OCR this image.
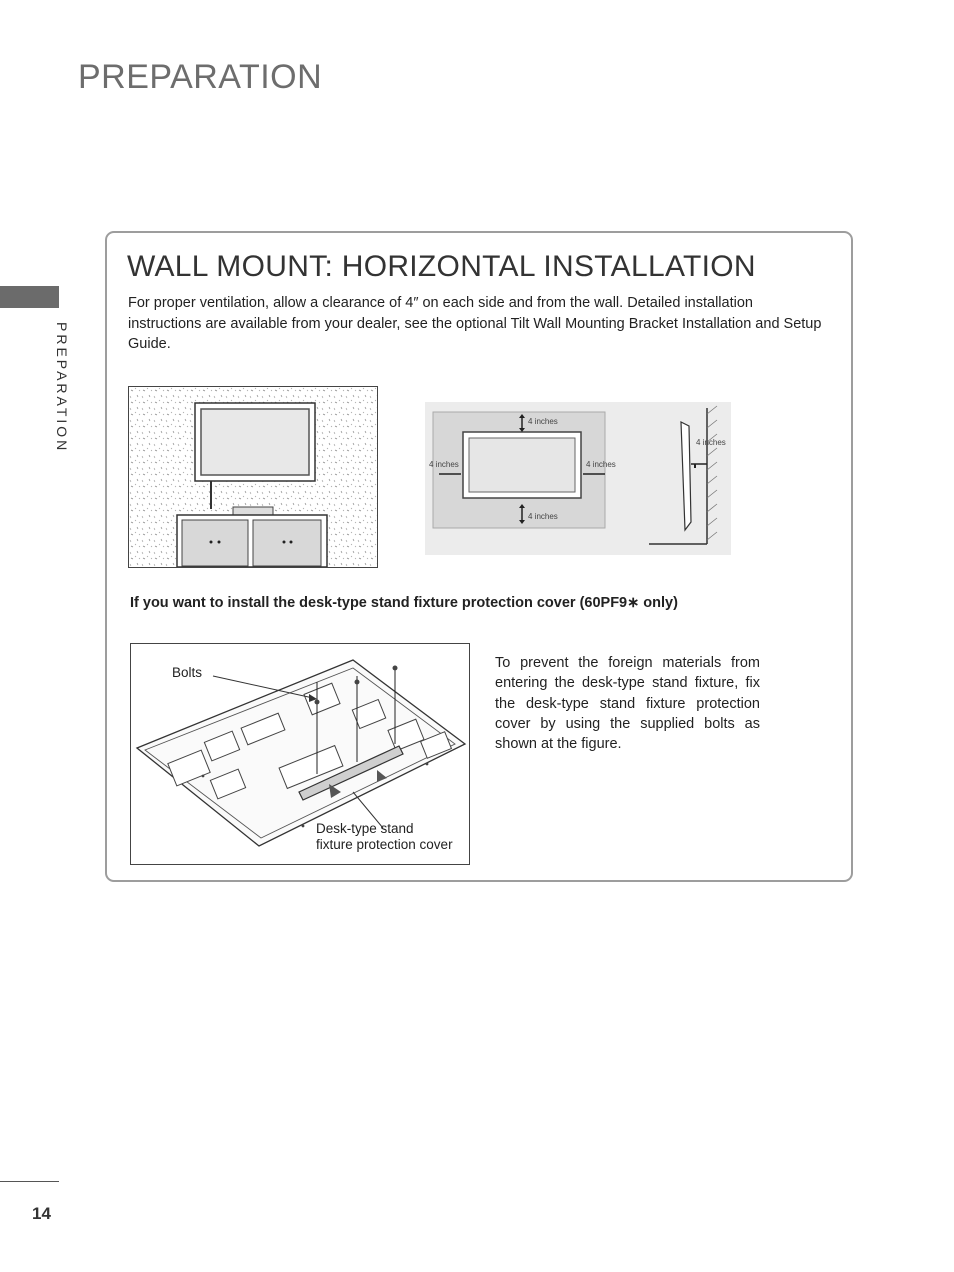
PREPARATION
PREPARATION
WALL MOUNT: HORIZONTAL INSTALLATION
For proper ventilation, allow a clearance of 4″ on each side and from the wall. Detailed installation instructions are available from your dealer, see the optional Tilt Wall Mounting Bracket Installation and Setup Guide.
4 inches
4 inches
4 inches	4 inches
4 inches
If you want to install the desk-type stand fixture protection cover (60PF9∗ only)
Bolts
Desk-type stand
fixture protection cover
To prevent the foreign materials from entering the desk-type stand fixture, fix the desk-type stand fixture protection cover by using the supplied bolts as shown at the figure.
14
